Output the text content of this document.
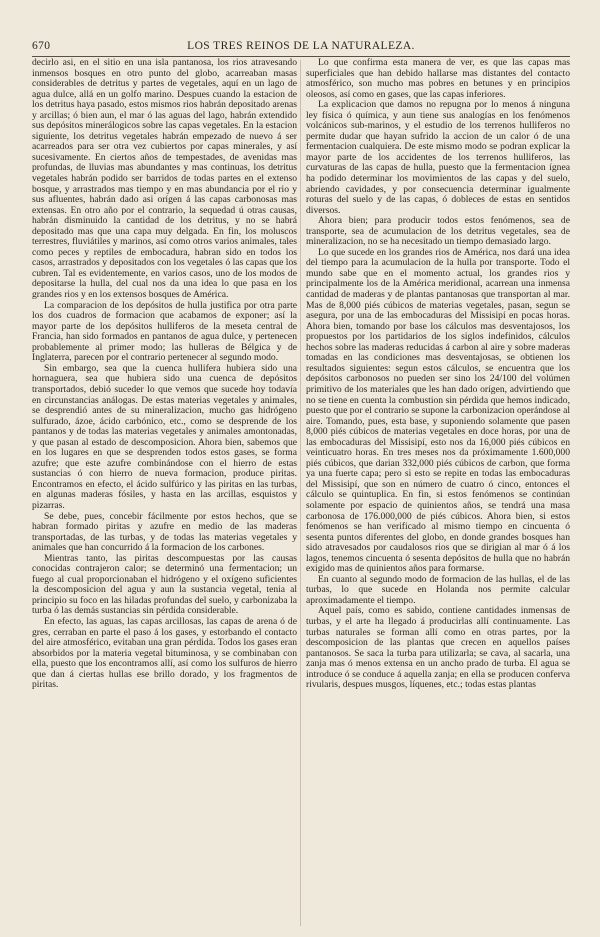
670	LOS TRES REINOS DE LA NATURALEZA.

decirlo asi, en el sitio en una isla pantanosa, los rios atravesando inmensos bosques en otro punto del globo, acarreaban masas considerables de detritus y partes de vegetales, aquí en un lago de agua dulce, allá en un golfo marino. Despues cuando la estacion de los detritus haya pasado, estos mismos rios habrán depositado arenas y arcillas; ó bien aun, el mar ó las aguas del lago, habrán extendido sus depósitos minerálogicos sobre las capas vegetales. En la estacion siguiente, los detritus vegetales habrán empezado de nuevo á ser acarreados para ser otra vez cubiertos por capas minerales, y así sucesivamente. En ciertos años de tempestades, de avenidas mas profundas, de lluvias mas abundantes y mas continuas, los detritus vegetales habrán podido ser barridos de todas partes en el extenso bosque, y arrastrados mas tiempo y en mas abundancia por el rio y sus afluentes, habrán dado asi orígen á las capas carbonosas mas extensas. En otro año por el contrario, la sequedad ú otras causas, habrán disminuido la cantidad de los detritus, y no se habrá depositado mas que una capa muy delgada. En fin, los moluscos terrestres, fluviátiles y marinos, así como otros varios animales, tales como peces y reptiles de embocadura, habran sido en todos los casos, arrastrados y depositados con los vegetales ó las capas que los cubren. Tal es evidentemente, en varios casos, uno de los modos de depositarse la hulla, del cual nos da una idea lo que pasa en los grandes rios y en los extensos bosques de América.

La comparacion de los depósitos de hulla justifica por otra parte los dos cuadros de formacion que acabamos de exponer; así la mayor parte de los depósitos hulliferos de la meseta central de Francia, han sido formados en pantanos de agua dulce, y pertenecen probablemente al primer modo; las hulleras de Bélgica y de Inglaterra, parecen por el contrario pertenecer al segundo modo.

Sin embargo, sea que la cuenca hullifera hubiera sido una hornaguera, sea que hubiera sido una cuenca de depósitos transportados, debió suceder lo que vemos que sucede hoy todavía en circunstancias análogas. De estas materias vegetales y animales, se desprendió antes de su mineralizacion, mucho gas hidrógeno sulfurado, ázoe, ácido carbónico, etc., como se desprende de los pantanos y de todas las materias vegetales y animales amontonadas, y que pasan al estado de descomposicion. Ahora bien, sabemos que en los lugares en que se desprenden todos estos gases, se forma azufre; que este azufre combinándose con el hierro de estas sustancias ó con hierro de nueva formacion, produce piritas. Encontramos en efecto, el ácido sulfúrico y las piritas en las turbas, en algunas maderas fósiles, y hasta en las arcillas, esquistos y pizarras.

Se debe, pues, concebir fácilmente por estos hechos, que se habran formado piritas y azufre en medio de las maderas transportadas, de las turbas, y de todas las materias vegetales y animales que han concurrido á la formacion de los carbones.

Mientras tanto, las piritas descompuestas por las causas conocidas contrajeron calor; se determinó una fermentacion; un fuego al cual proporcionaban el hidrógeno y el oxígeno suficientes la descomposicion del agua y aun la sustancia vegetal, tenia al principio su foco en las hiladas profundas del suelo, y carbonizaba la turba ó las demás sustancias sin pérdida considerable.

En efecto, las aguas, las capas arcillosas, las capas de arena ó de gres, cerraban en parte el paso á los gases, y estorbando el contacto del aire atmosférico, evitaban una gran pérdida. Todos los gases eran absorbidos por la materia vegetal bituminosa, y se combinaban con ella, puesto que los encontramos allí, así como los sulfuros de hierro que dan á ciertas hullas ese brillo dorado, y los fragmentos de piritas.

Lo que confirma esta manera de ver, es que las capas mas superficiales que han debido hallarse mas distantes del contacto atmosférico, son mucho mas pobres en betunes y en principios oleosos, así como en gases, que las capas inferiores.

La explicacion que damos no repugna por lo menos á ninguna ley física ó química, y aun tiene sus analogías en los fenómenos volcánicos sub-marinos, y el estudio de los terrenos hulliferos no permite dudar que hayan sufrido la accion de un calor ó de una fermentacion cualquiera. De este mismo modo se podran explicar la mayor parte de los accidentes de los terrenos hulliferos, las curvaturas de las capas de hulla, puesto que la fermentacion ígnea ha podido determinar los movimientos de las capas y del suelo, abriendo cavidades, y por consecuencia determinar igualmente roturas del suelo y de las capas, ó dobleces de estas en sentidos diversos.

Ahora bien; para producir todos estos fenómenos, sea de transporte, sea de acumulacion de los detritus vegetales, sea de mineralizacion, no se ha necesitado un tiempo demasiado largo.

Lo que sucede en los grandes rios de América, nos dará una idea del tiempo para la acumulacion de la hulla por transporte. Todo el mundo sabe que en el momento actual, los grandes rios y principalmente los de la América meridional, acarrean una inmensa cantidad de maderas y de plantas pantanosas que transportan al mar. Mas de 8,000 piés cúbicos de materias vegetales, pasan, segun se asegura, por una de las embocaduras del Missisipí en pocas horas. Ahora bien, tomando por base los cálculos mas desventajosos, los propuestos por los partidarios de los siglos indefinidos, cálculos hechos sobre las maderas reducidas á carbon al aire y sobre maderas tomadas en las condiciones mas desventajosas, se obtienen los resultados siguientes: segun estos cálculos, se encuentra que los depósitos carbonosos no pueden ser sino los 24/100 del volúmen primitivo de los materiales que les han dado orígen, advirtiendo que no se tiene en cuenta la combustion sin pérdida que hemos indicado, puesto que por el contrario se supone la carbonizacion operándose al aire. Tomando, pues, esta base, y suponiendo solamente que pasen 8,000 piés cúbicos de materias vegetales en doce horas, por una de las embocaduras del Missisipí, esto nos da 16,000 piés cúbicos en veinticuatro horas. En tres meses nos da próximamente 1.600,000 piés cúbicos, que darian 332,000 piés cúbicos de carbon, que forma ya una fuerte capa; pero si esto se repite en todas las embocaduras del Missisipí, que son en número de cuatro ó cinco, entonces el cálculo se quintuplica. En fin, si estos fenómenos se continúan solamente por espacio de quinientos años, se tendrá una masa carbonosa de 176.000,000 de piés cúbicos. Ahora bien, si estos fenómenos se han verificado al mismo tiempo en cincuenta ó sesenta puntos diferentes del globo, en donde grandes bosques han sido atravesados por caudalosos rios que se dirigian al mar ó á los lagos, tenemos cincuenta ó sesenta depósitos de hulla que no habrán exigido mas de quinientos años para formarse.

En cuanto al segundo modo de formacion de las hullas, el de las turbas, lo que sucede en Holanda nos permite calcular aproximadamente el tiempo.

Aquel país, como es sabido, contiene cantidades inmensas de turbas, y el arte ha llegado á producirlas allí continuamente. Las turbas naturales se forman allí como en otras partes, por la descomposicion de las plantas que crecen en aquellos países pantanosos. Se saca la turba para utilizarla; se cava, al sacarla, una zanja mas ó menos extensa en un ancho prado de turba. El agua se introduce ó se conduce á aquella zanja; en ella se producen conferva rivularis, despues musgos, líquenes, etc.; todas estas plantas
